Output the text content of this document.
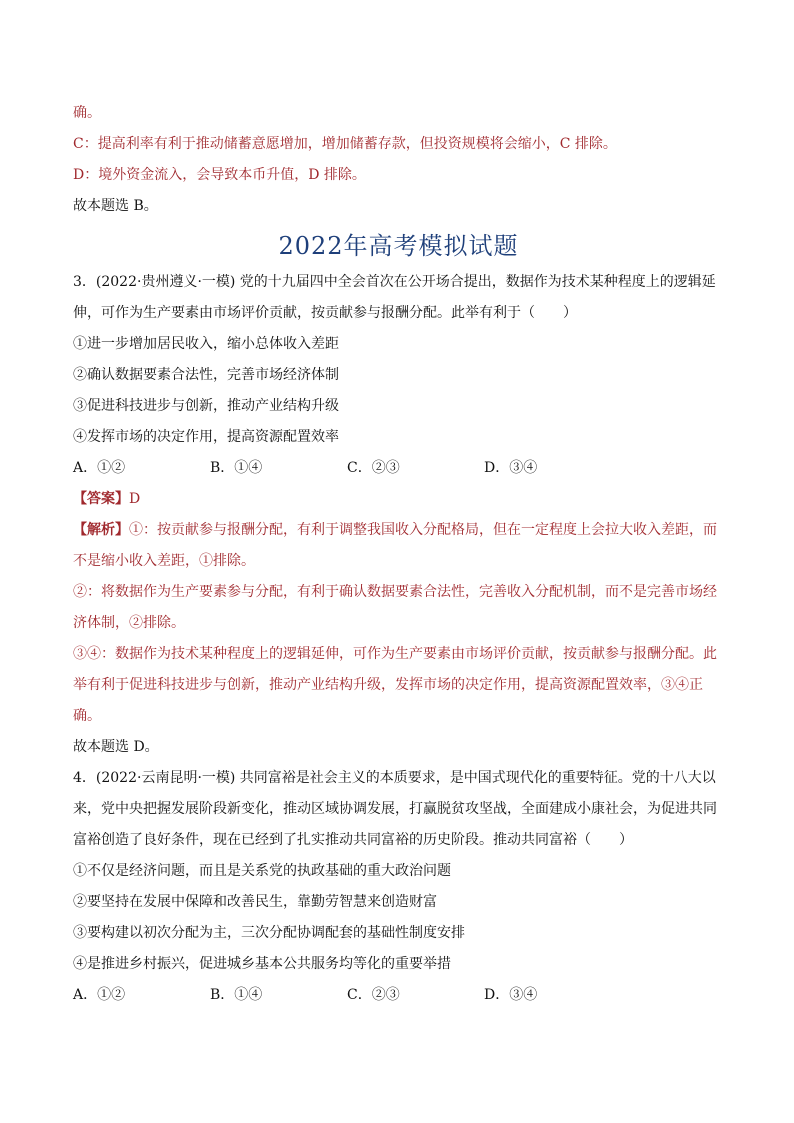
确。
C：提高利率有利于推动储蓄意愿增加，增加储蓄存款，但投资规模将会缩小，C 排除。
D：境外资金流入，会导致本币升值，D 排除。
故本题选 B。
2022年高考模拟试题
3．(2022·贵州遵义·一模) 党的十九届四中全会首次在公开场合提出，数据作为技术某种程度上的逻辑延
伸，可作为生产要素由市场评价贡献，按贡献参与报酬分配。此举有利于（　　）
①进一步增加居民收入，缩小总体收入差距
②确认数据要素合法性，完善市场经济体制
③促进科技进步与创新，推动产业结构升级
④发挥市场的决定作用，提高资源配置效率
A．①②	B．①④	C．②③	D．③④
【答案】D
【解析】①：按贡献参与报酬分配，有利于调整我国收入分配格局，但在一定程度上会拉大收入差距，而
不是缩小收入差距，①排除。
②：将数据作为生产要素参与分配，有利于确认数据要素合法性，完善收入分配机制，而不是完善市场经
济体制，②排除。
③④：数据作为技术某种程度上的逻辑延伸，可作为生产要素由市场评价贡献，按贡献参与报酬分配。此
举有利于促进科技进步与创新，推动产业结构升级，发挥市场的决定作用，提高资源配置效率，③④正
确。
故本题选 D。
4．(2022·云南昆明·一模) 共同富裕是社会主义的本质要求，是中国式现代化的重要特征。党的十八大以
来，党中央把握发展阶段新变化，推动区域协调发展，打赢脱贫攻坚战，全面建成小康社会，为促进共同
富裕创造了良好条件，现在已经到了扎实推动共同富裕的历史阶段。推动共同富裕（　　）
①不仅是经济问题，而且是关系党的执政基础的重大政治问题
②要坚持在发展中保障和改善民生，靠勤劳智慧来创造财富
③要构建以初次分配为主，三次分配协调配套的基础性制度安排
④是推进乡村振兴，促进城乡基本公共服务均等化的重要举措
A．①②	B．①④	C．②③	D．③④
